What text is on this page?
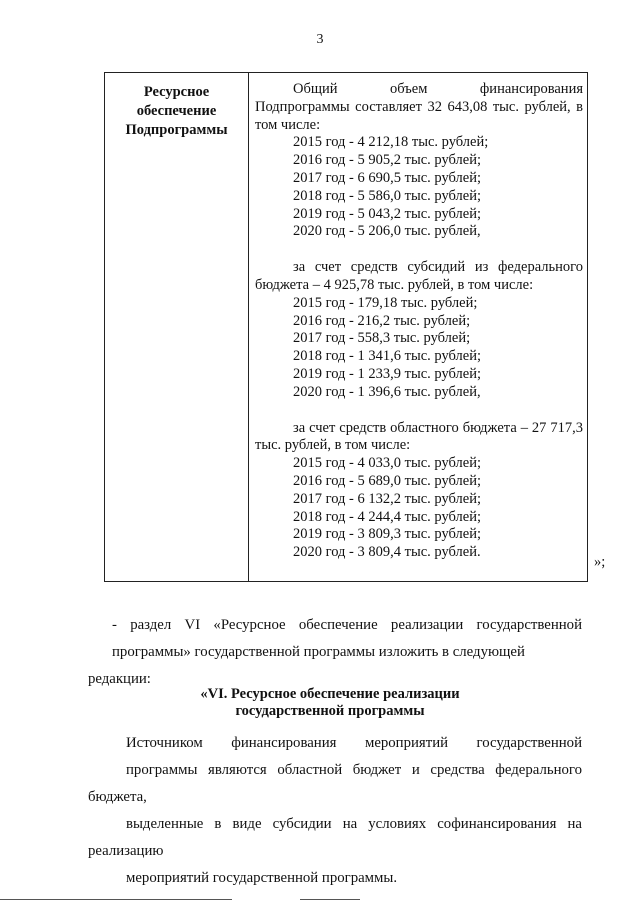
3
Ресурсное
обеспечение
Подпрограммы
Общий объем финансирования
Подпрограммы составляет 32 643,08 тыс. рублей, в
том числе:
2015 год - 4 212,18 тыс. рублей;
2016 год - 5 905,2 тыс. рублей;
2017 год - 6 690,5 тыс. рублей;
2018 год - 5 586,0 тыс. рублей;
2019 год - 5 043,2 тыс. рублей;
2020 год - 5 206,0 тыс. рублей,
за счет средств субсидий из федерального
бюджета – 4 925,78 тыс. рублей, в том числе:
2015 год - 179,18 тыс. рублей;
2016 год - 216,2 тыс. рублей;
2017 год - 558,3 тыс. рублей;
2018 год - 1 341,6 тыс. рублей;
2019 год - 1 233,9 тыс. рублей;
2020 год - 1 396,6 тыс. рублей,
за счет средств областного бюджета – 27 717,3
тыс. рублей, в том числе:
2015 год - 4 033,0 тыс. рублей;
2016 год - 5 689,0 тыс. рублей;
2017 год - 6 132,2 тыс. рублей;
2018 год - 4 244,4 тыс. рублей;
2019 год - 3 809,3 тыс. рублей;
2020 год - 3 809,4 тыс. рублей.
»;
- раздел VI «Ресурсное обеспечение реализации государственной
программы» государственной программы изложить в следующей редакции:
«VI. Ресурсное обеспечение реализации
государственной программы
Источником финансирования мероприятий государственной
программы являются областной бюджет и средства федерального бюджета,
выделенные в виде субсидии на условиях софинансирования на реализацию
мероприятий государственной программы.
